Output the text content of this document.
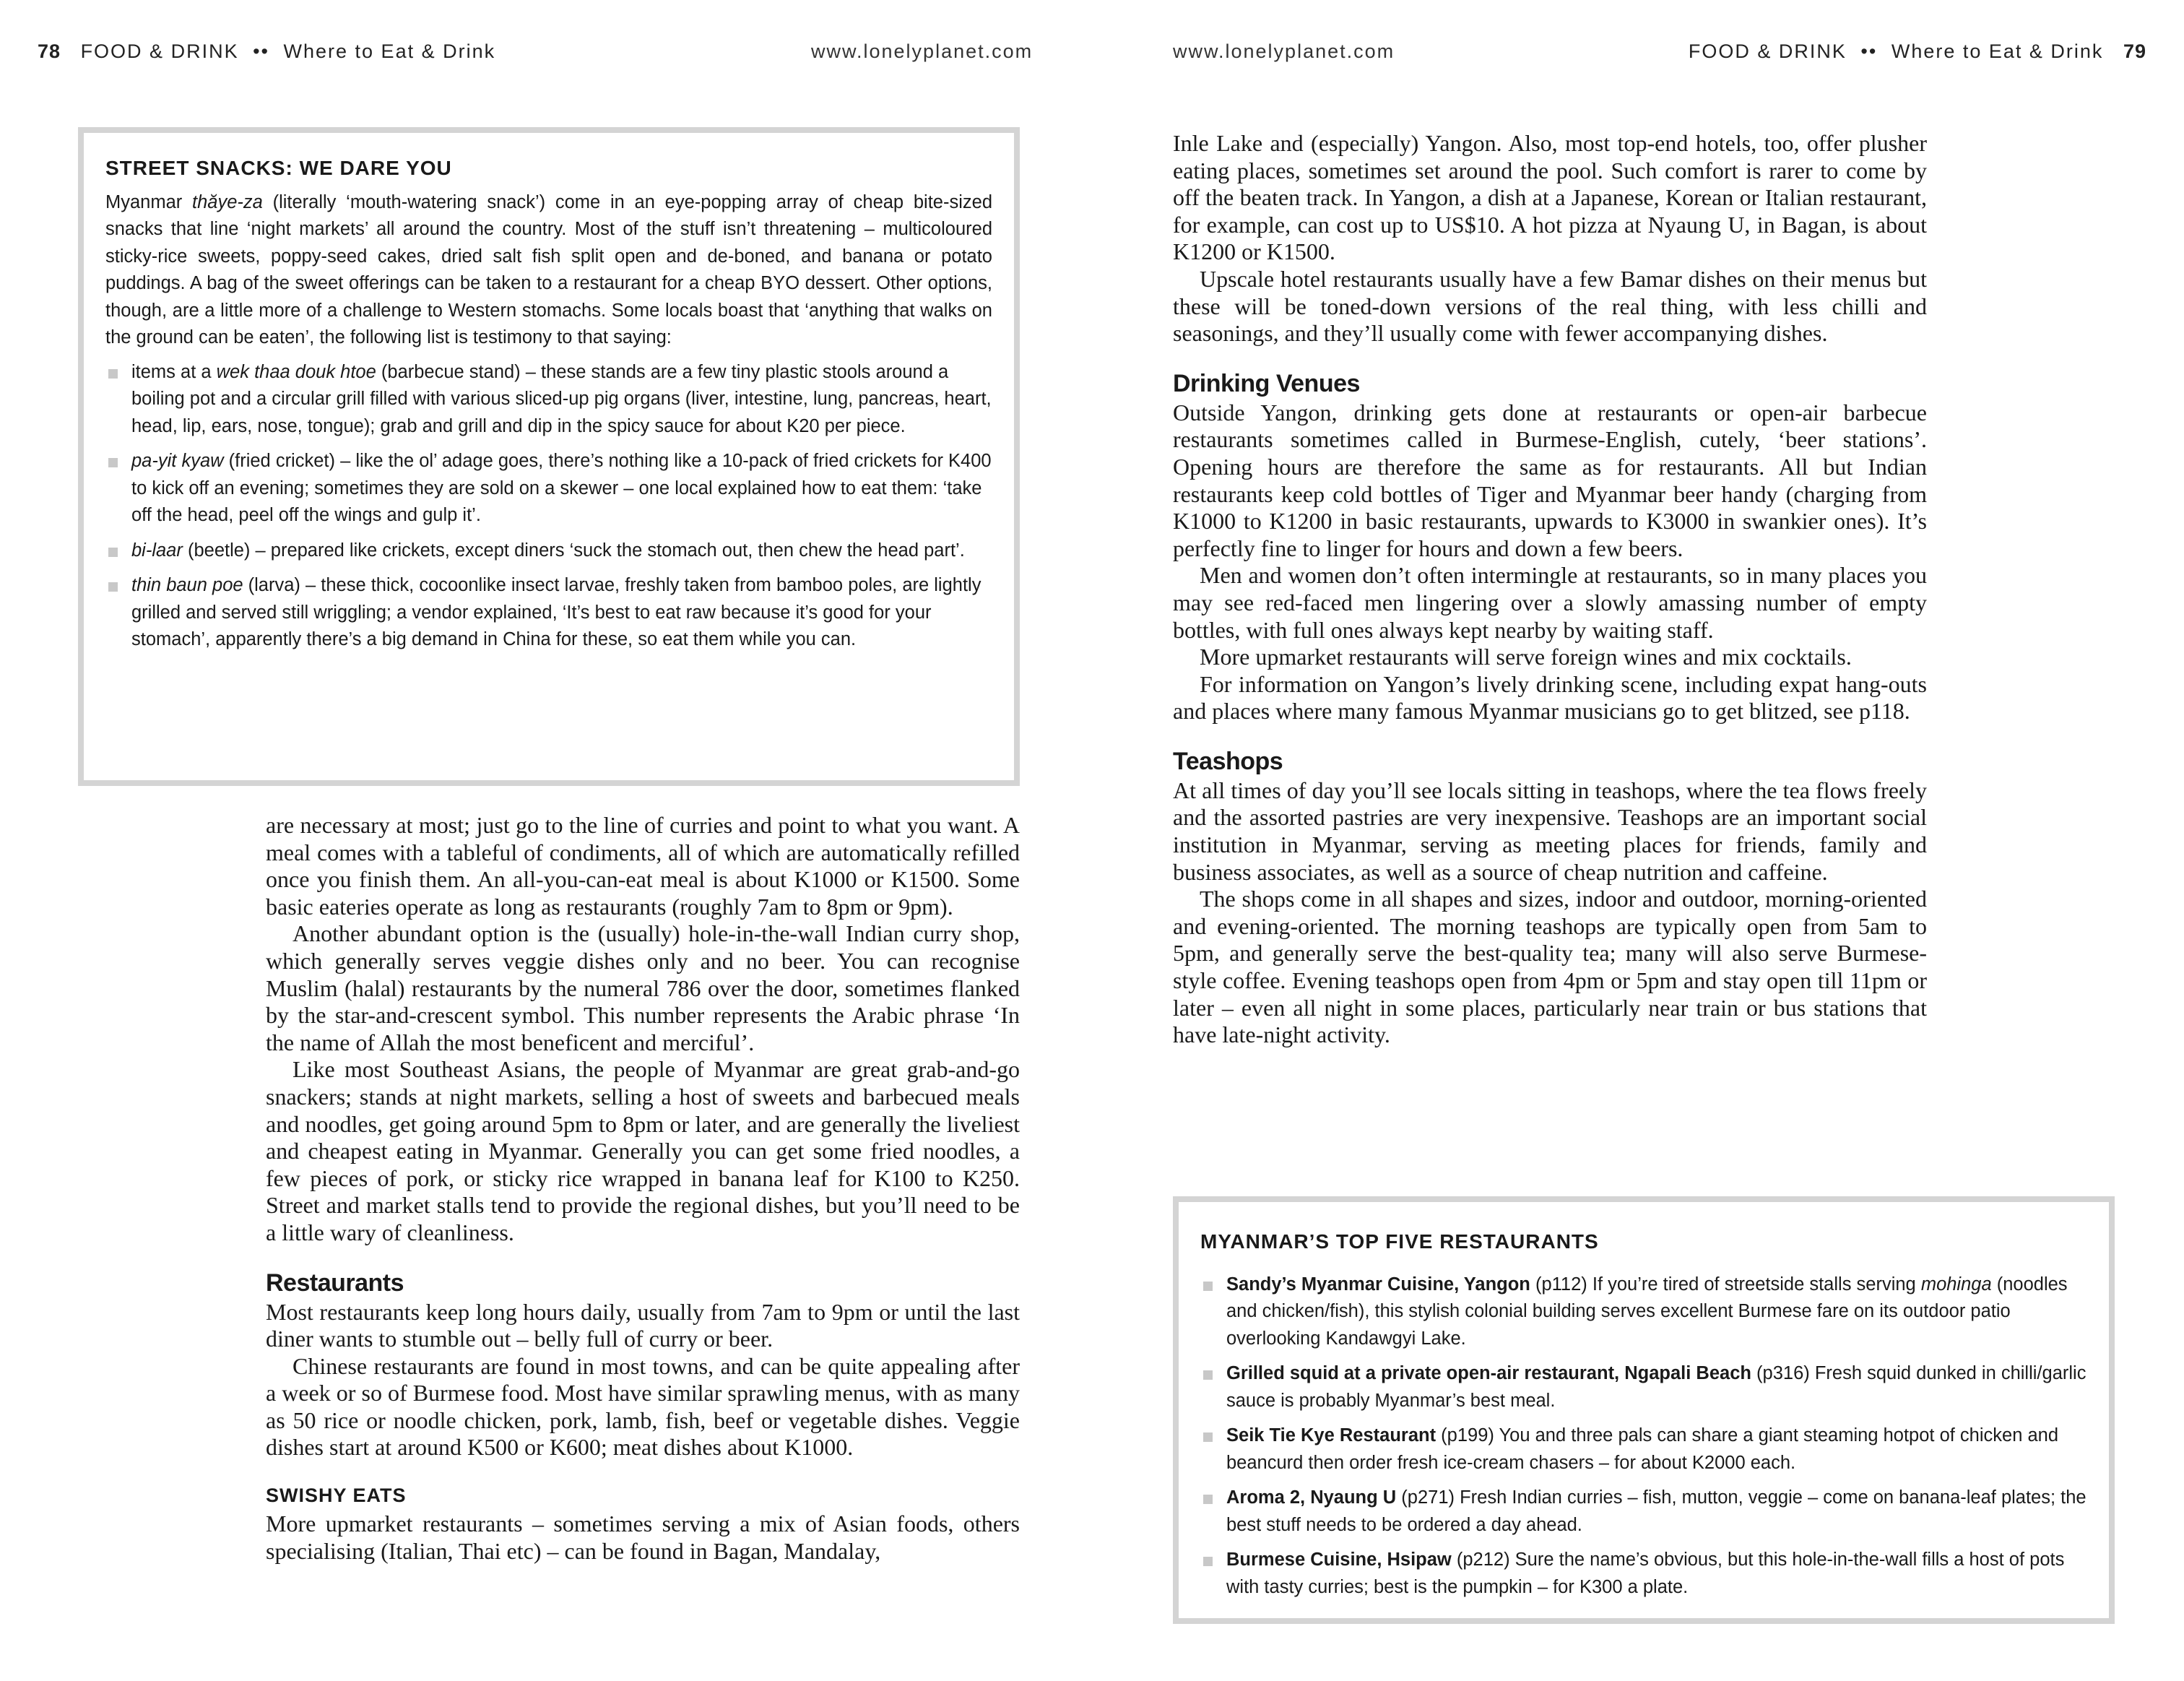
78 FOOD & DRINK •• Where to Eat & Drink	www.lonelyplanet.com
STREET SNACKS: WE DARE YOU

Myanmar thăye-za (literally ‘mouth-watering snack’) come in an eye-popping array of cheap bite-sized snacks that line ‘night markets’ all around the country. Most of the stuff isn’t threatening – multicoloured sticky-rice sweets, poppy-seed cakes, dried salt fish split open and de-boned, and banana or potato puddings. A bag of the sweet offerings can be taken to a restaurant for a cheap BYO dessert. Other options, though, are a little more of a challenge to Western stomachs. Some locals boast that ‘anything that walks on the ground can be eaten’, the following list is testimony to that saying:

items at a wek thaa douk htoe (barbecue stand) – these stands are a few tiny plastic stools around a boiling pot and a circular grill filled with various sliced-up pig organs (liver, intestine, lung, pancreas, heart, head, lip, ears, nose, tongue); grab and grill and dip in the spicy sauce for about K20 per piece.
pa-yit kyaw (fried cricket) – like the ol’ adage goes, there’s nothing like a 10-pack of fried crickets for K400 to kick off an evening; sometimes they are sold on a skewer – one local explained how to eat them: ‘take off the head, peel off the wings and gulp it’.
bi-laar (beetle) – prepared like crickets, except diners ‘suck the stomach out, then chew the head part’.
thin baun poe (larva) – these thick, cocoonlike insect larvae, freshly taken from bamboo poles, are lightly grilled and served still wriggling; a vendor explained, ‘It’s best to eat raw because it’s good for your stomach’, apparently there’s a big demand in China for these, so eat them while you can.

are necessary at most; just go to the line of curries and point to what you want. A meal comes with a tableful of condiments, all of which are automatically refilled once you finish them. An all-you-can-eat meal is about K1000 or K1500. Some basic eateries operate as long as restaurants (roughly 7am to 8pm or 9pm).

Another abundant option is the (usually) hole-in-the-wall Indian curry shop, which generally serves veggie dishes only and no beer. You can recognise Muslim (halal) restaurants by the numeral 786 over the door, sometimes flanked by the star-and-crescent symbol. This number represents the Arabic phrase ‘In the name of Allah the most beneficent and merciful’.

Like most Southeast Asians, the people of Myanmar are great grab-and-go snackers; stands at night markets, selling a host of sweets and barbecued meals and noodles, get going around 5pm to 8pm or later, and are generally the liveliest and cheapest eating in Myanmar. Generally you can get some fried noodles, a few pieces of pork, or sticky rice wrapped in banana leaf for K100 to K250. Street and market stalls tend to provide the regional dishes, but you’ll need to be a little wary of cleanliness.

Restaurants

Most restaurants keep long hours daily, usually from 7am to 9pm or until the last diner wants to stumble out – belly full of curry or beer.

Chinese restaurants are found in most towns, and can be quite appealing after a week or so of Burmese food. Most have similar sprawling menus, with as many as 50 rice or noodle chicken, pork, lamb, fish, beef or vegetable dishes. Veggie dishes start at around K500 or K600; meat dishes about K1000.

SWISHY EATS

More upmarket restaurants – sometimes serving a mix of Asian foods, others specialising (Italian, Thai etc) – can be found in Bagan, Mandalay,

www.lonelyplanet.com	FOOD & DRINK •• Where to Eat & Drink 79

Inle Lake and (especially) Yangon. Also, most top-end hotels, too, offer plusher eating places, sometimes set around the pool. Such comfort is rarer to come by off the beaten track. In Yangon, a dish at a Japanese, Korean or Italian restaurant, for example, can cost up to US$10. A hot pizza at Nyaung U, in Bagan, is about K1200 or K1500.

Upscale hotel restaurants usually have a few Bamar dishes on their menus but these will be toned-down versions of the real thing, with less chilli and seasonings, and they’ll usually come with fewer accompanying dishes.

Drinking Venues

Outside Yangon, drinking gets done at restaurants or open-air barbecue restaurants sometimes called in Burmese-English, cutely, ‘beer stations’. Opening hours are therefore the same as for restaurants. All but Indian restaurants keep cold bottles of Tiger and Myanmar beer handy (charging from K1000 to K1200 in basic restaurants, upwards to K3000 in swankier ones). It’s perfectly fine to linger for hours and down a few beers.

Men and women don’t often intermingle at restaurants, so in many places you may see red-faced men lingering over a slowly amassing number of empty bottles, with full ones always kept nearby by waiting staff.

More upmarket restaurants will serve foreign wines and mix cocktails.

For information on Yangon’s lively drinking scene, including expat hang-outs and places where many famous Myanmar musicians go to get blitzed, see p118.

Teashops

At all times of day you’ll see locals sitting in teashops, where the tea flows freely and the assorted pastries are very inexpensive. Teashops are an important social institution in Myanmar, serving as meeting places for friends, family and business associates, as well as a source of cheap nutrition and caffeine.

The shops come in all shapes and sizes, indoor and outdoor, morning-oriented and evening-oriented. The morning teashops are typically open from 5am to 5pm, and generally serve the best-quality tea; many will also serve Burmese-style coffee. Evening teashops open from 4pm or 5pm and stay open till 11pm or later – even all night in some places, particularly near train or bus stations that have late-night activity.

MYANMAR’S TOP FIVE RESTAURANTS
Sandy’s Myanmar Cuisine, Yangon (p112) If you’re tired of streetside stalls serving mohinga (noodles and chicken/fish), this stylish colonial building serves excellent Burmese fare on its outdoor patio overlooking Kandawgyi Lake.
Grilled squid at a private open-air restaurant, Ngapali Beach (p316) Fresh squid dunked in chilli/garlic sauce is probably Myanmar’s best meal.
Seik Tie Kye Restaurant (p199) You and three pals can share a giant steaming hotpot of chicken and beancurd then order fresh ice-cream chasers – for about K2000 each.
Aroma 2, Nyaung U (p271) Fresh Indian curries – fish, mutton, veggie – come on banana-leaf plates; the best stuff needs to be ordered a day ahead.
Burmese Cuisine, Hsipaw (p212) Sure the name’s obvious, but this hole-in-the-wall fills a host of pots with tasty curries; best is the pumpkin – for K300 a plate.
